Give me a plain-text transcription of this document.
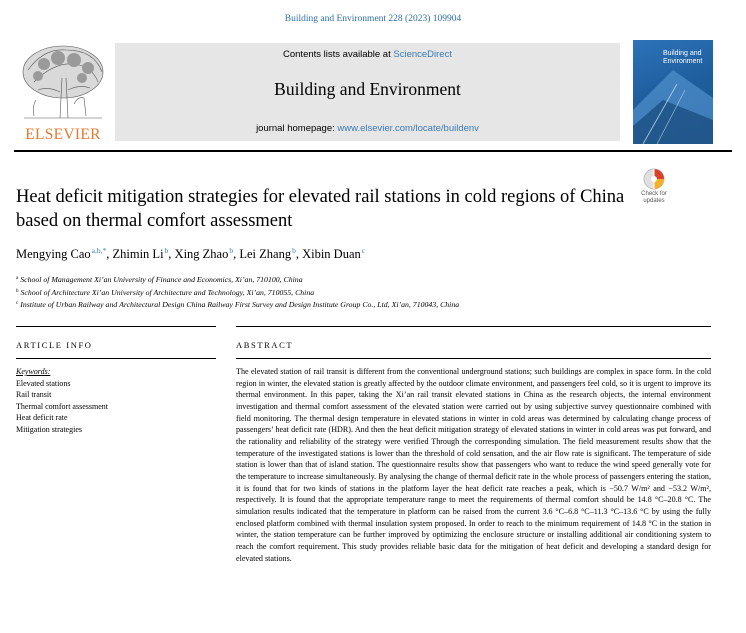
Building and Environment 228 (2023) 109904
ELSEVIER
Contents lists available at ScienceDirect
Building and Environment
journal homepage: www.elsevier.com/locate/buildenv
Building and Environment
Check for
updates
Heat deficit mitigation strategies for elevated rail stations in cold regions of China based on thermal comfort assessment
Mengying Cao$^{a,b,*}$, Zhimin Li$^b$, Xing Zhao$^b$, Lei Zhang$^b$, Xibin Duan$^c$
$^a$ School of Management Xi’an University of Finance and Economics, Xi’an, 710100, China
$^b$ School of Architecture Xi’an University of Architecture and Technology, Xi’an, 710055, China
$^c$ Institute of Urban Railway and Architectural Design China Railway First Survey and Design Institute Group Co., Ltd, Xi’an, 710043, China
ARTICLE INFO	ABSTRACT
Keywords:
Elevated stations
Rail transit
Thermal comfort assessment
Heat deficit rate
Mitigation strategies
The elevated station of rail transit is different from the conventional underground stations; such buildings are complex in space form. In the cold region in winter, the elevated station is greatly affected by the outdoor climate environment, and passengers feel cold, so it is urgent to improve its thermal environment. In this paper, taking the Xi’an rail transit elevated stations in China as the research objects, the internal environment investigation and thermal comfort assessment of the elevated station were carried out by using subjective survey questionnaire combined with field monitoring. The thermal design temperature in elevated stations in winter in cold areas was determined by calculating change process of passengers’ heat deficit rate (HDR). And then the heat deficit mitigation strategy of elevated stations in winter in cold areas was put forward, and the rationality and reliability of the strategy were verified Through the corresponding simulation. The field measurement results show that the temperature of the investigated stations is lower than the threshold of cold sensation, and the air flow rate is significant. The temperature of side station is lower than that of island station. The questionnaire results show that passengers who want to reduce the wind speed generally vote for the temperature to increase simultaneously. By analysing the change of thermal deficit rate in the whole process of passengers entering the station, it is found that for two kinds of stations in the platform layer the heat deficit rate reaches a peak, which is −50.7 W/m² and −53.2 W/m², respectively. It is found that the appropriate temperature range to meet the requirements of thermal comfort should be 14.8 °C–20.8 °C. The simulation results indicated that the temperature in platform can be raised from the current 3.6 °C–6.8 °C–11.3 °C–13.6 °C by using the fully enclosed platform combined with thermal insulation system proposed. In order to reach to the minimum requirement of 14.8 °C in the station in winter, the station temperature can be further improved by optimizing the enclosure structure or installing additional air conditioning system to reach the comfort requirement. This study provides reliable basic data for the mitigation of heat deficit and developing a standard design for elevated stations.
